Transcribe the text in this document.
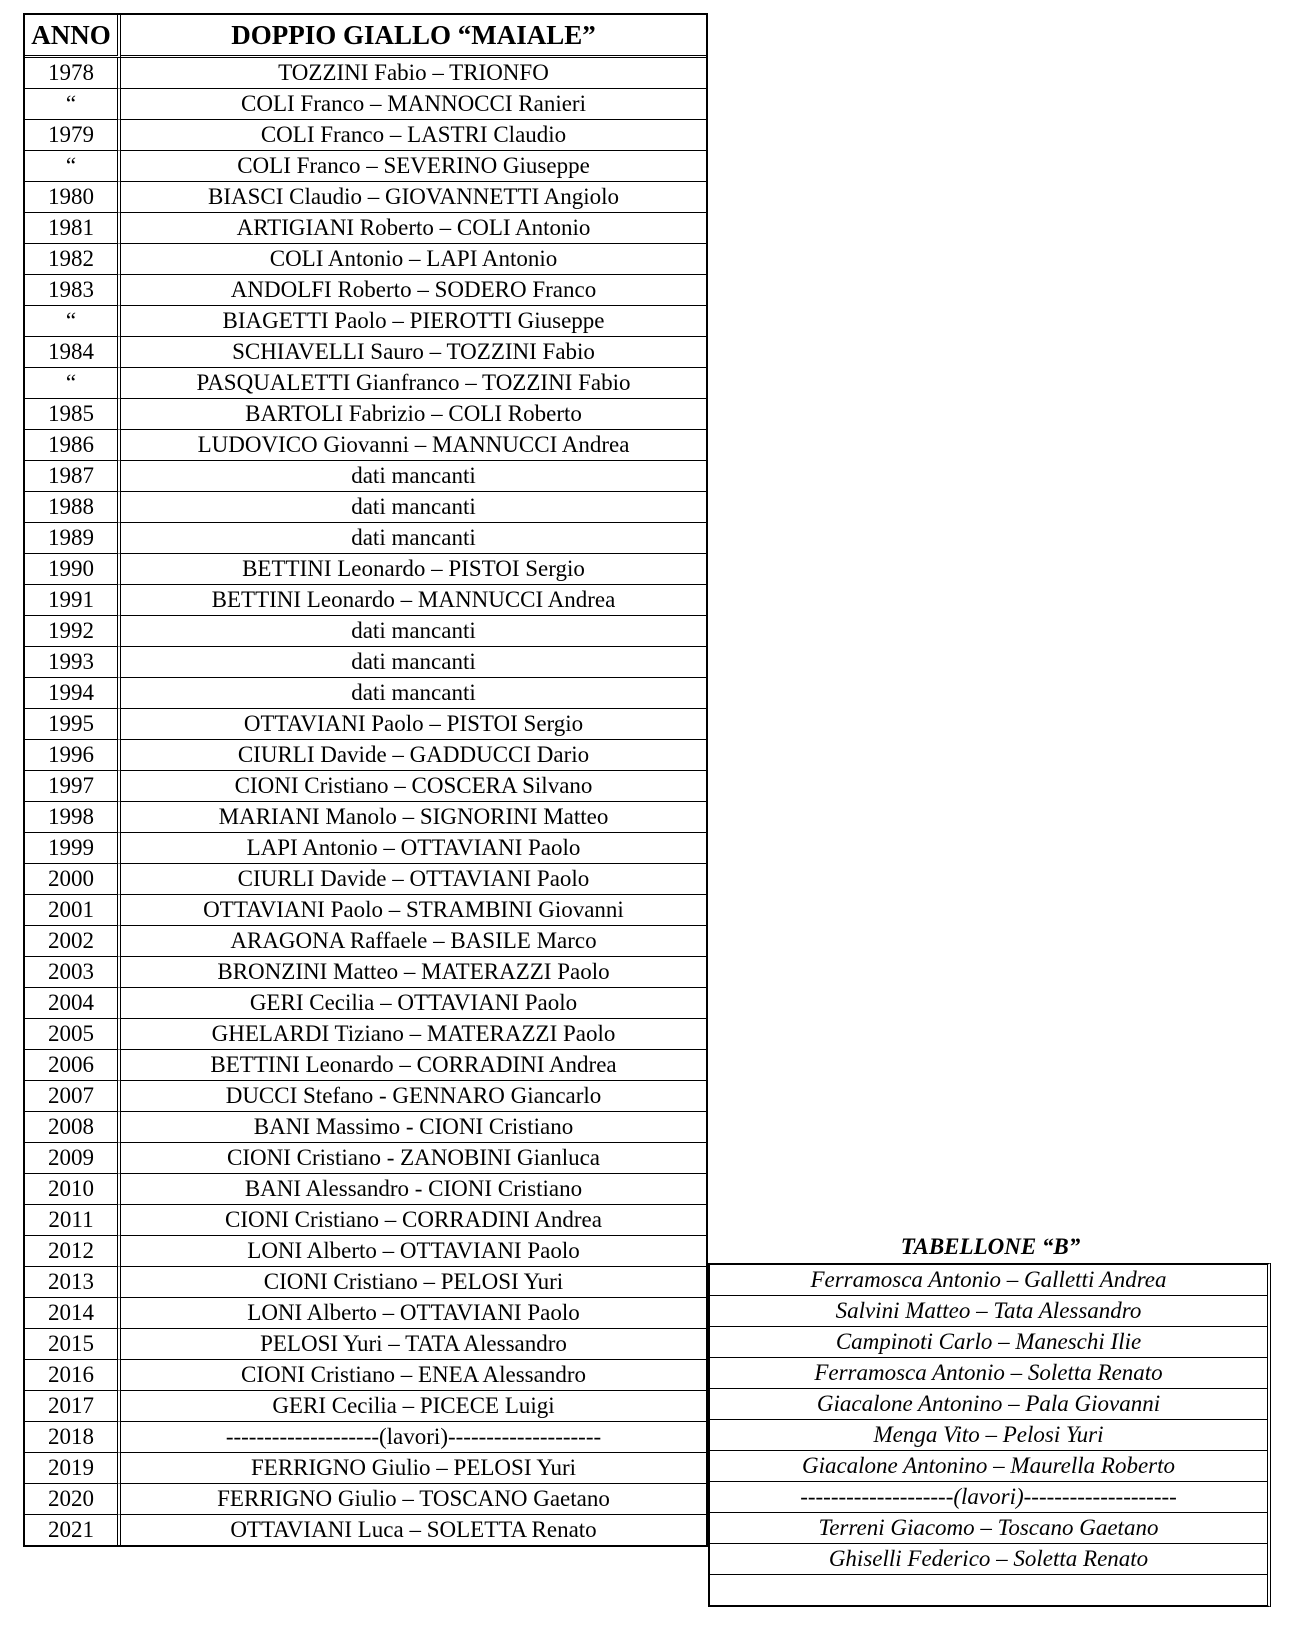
ANNO	DOPPIO GIALLO “MAIALE”
1978	TOZZINI Fabio – TRIONFO
“	COLI Franco – MANNOCCI Ranieri
1979	COLI Franco – LASTRI Claudio
“	COLI Franco – SEVERINO Giuseppe
1980	BIASCI Claudio – GIOVANNETTI Angiolo
1981	ARTIGIANI Roberto – COLI Antonio
1982	COLI Antonio – LAPI Antonio
1983	ANDOLFI Roberto – SODERO Franco
“	BIAGETTI Paolo – PIEROTTI Giuseppe
1984	SCHIAVELLI Sauro – TOZZINI Fabio
“	PASQUALETTI Gianfranco – TOZZINI Fabio
1985	BARTOLI Fabrizio – COLI Roberto
1986	LUDOVICO Giovanni – MANNUCCI Andrea
1987	dati mancanti
1988	dati mancanti
1989	dati mancanti
1990	BETTINI Leonardo – PISTOI Sergio
1991	BETTINI Leonardo – MANNUCCI Andrea
1992	dati mancanti
1993	dati mancanti
1994	dati mancanti
1995	OTTAVIANI Paolo – PISTOI Sergio
1996	CIURLI Davide – GADDUCCI Dario
1997	CIONI Cristiano – COSCERA Silvano
1998	MARIANI Manolo – SIGNORINI Matteo
1999	LAPI Antonio – OTTAVIANI Paolo
2000	CIURLI Davide – OTTAVIANI Paolo
2001	OTTAVIANI Paolo – STRAMBINI Giovanni
2002	ARAGONA Raffaele – BASILE Marco
2003	BRONZINI Matteo – MATERAZZI Paolo
2004	GERI Cecilia – OTTAVIANI Paolo
2005	GHELARDI Tiziano – MATERAZZI Paolo
2006	BETTINI Leonardo – CORRADINI Andrea
2007	DUCCI Stefano - GENNARO Giancarlo
2008	BANI Massimo - CIONI Cristiano
2009	CIONI Cristiano - ZANOBINI Gianluca
2010	BANI Alessandro - CIONI Cristiano
2011	CIONI Cristiano – CORRADINI Andrea
2012	LONI Alberto – OTTAVIANI Paolo
2013	CIONI Cristiano – PELOSI Yuri
2014	LONI Alberto – OTTAVIANI Paolo
2015	PELOSI Yuri – TATA Alessandro
2016	CIONI Cristiano – ENEA Alessandro
2017	GERI Cecilia – PICECE Luigi
2018	--------------------(lavori)--------------------
2019	FERRIGNO Giulio – PELOSI Yuri
2020	FERRIGNO Giulio – TOSCANO Gaetano
2021	OTTAVIANI Luca – SOLETTA Renato
TABELLONE “B”
Ferramosca Antonio – Galletti Andrea
Salvini Matteo – Tata Alessandro
Campinoti Carlo – Maneschi Ilie
Ferramosca Antonio – Soletta Renato
Giacalone Antonino – Pala Giovanni
Menga Vito – Pelosi Yuri
Giacalone Antonino – Maurella Roberto
--------------------(lavori)--------------------
Terreni Giacomo – Toscano Gaetano
Ghiselli Federico – Soletta Renato
